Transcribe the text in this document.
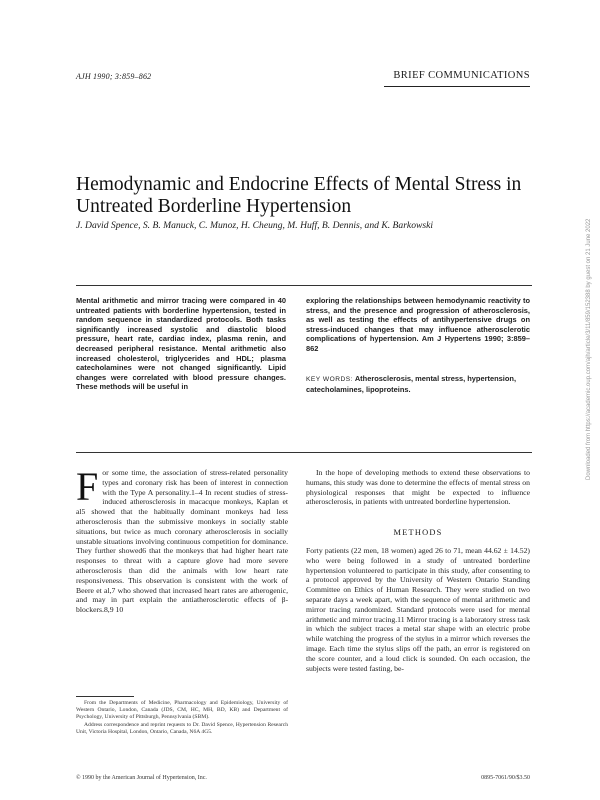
AJH 1990; 3:859–862	BRIEF COMMUNICATIONS
Hemodynamic and Endocrine Effects of Mental Stress in Untreated Borderline Hypertension
J. David Spence, S. B. Manuck, C. Munoz, H. Cheung, M. Huff, B. Dennis, and K. Barkowski
Mental arithmetic and mirror tracing were compared in 40 untreated patients with borderline hypertension, tested in random sequence in standardized protocols. Both tasks significantly increased systolic and diastolic blood pressure, heart rate, cardiac index, plasma renin, and decreased peripheral resistance. Mental arithmetic also increased cholesterol, triglycerides and HDL; plasma catecholamines were not changed significantly. Lipid changes were correlated with blood pressure changes. These methods will be useful in
exploring the relationships between hemodynamic reactivity to stress, and the presence and progression of atherosclerosis, as well as testing the effects of antihypertensive drugs on stress-induced changes that may influence atherosclerotic complications of hypertension. Am J Hypertens 1990; 3:859–862
KEY WORDS: Atherosclerosis, mental stress, hypertension, catecholamines, lipoproteins.
For some time, the association of stress-related personality types and coronary risk has been of interest in connection with the Type A personality.1–4 In recent studies of stress-induced atherosclerosis in macacque monkeys, Kaplan et al5 showed that the habitually dominant monkeys had less atherosclerosis than the submissive monkeys in socially stable situations, but twice as much coronary atherosclerosis in socially unstable situations involving continuous competition for dominance. They further showed6 that the monkeys that had higher heart rate responses to threat with a capture glove had more severe atherosclerosis than did the animals with low heart rate responsiveness. This observation is consistent with the work of Beere et al,7 who showed that increased heart rates are atherogenic, and may in part explain the antiatherosclerotic effects of β-blockers.8,9 10
In the hope of developing methods to extend these observations to humans, this study was done to determine the effects of mental stress on physiological responses that might be expected to influence atherosclerosis, in patients with untreated borderline hypertension.
METHODS
Forty patients (22 men, 18 women) aged 26 to 71, mean 44.62 ± 14.52) who were being followed in a study of untreated borderline hypertension volunteered to participate in this study, after consenting to a protocol approved by the University of Western Ontario Standing Committee on Ethics of Human Research. They were studied on two separate days a week apart, with the sequence of mental arithmetic and mirror tracing randomized. Standard protocols were used for mental arithmetic and mirror tracing.11 Mirror tracing is a laboratory stress task in which the subject traces a metal star shape with an electric probe while watching the progress of the stylus in a mirror which reverses the image. Each time the stylus slips off the path, an error is registered on the score counter, and a loud click is sounded. On each occasion, the subjects were tested fasting, be-

From the Departments of Medicine, Pharmacology and Epidemiology, University of Western Ontario, London, Canada (JDS, CM, HC, MH, BD, KB) and Department of Psychology, University of Pittsburgh, Pennsylvania (SBM).

Address correspondence and reprint requests to Dr. David Spence, Hypertension Research Unit, Victoria Hospital, London, Ontario, Canada, N6A 4G5.

© 1990 by the American Journal of Hypertension, Inc.	0895-7061/90/$3.50
Downloaded from https://academic.oup.com/ajh/article/3/11/859/152388 by guest on 21 June 2022
